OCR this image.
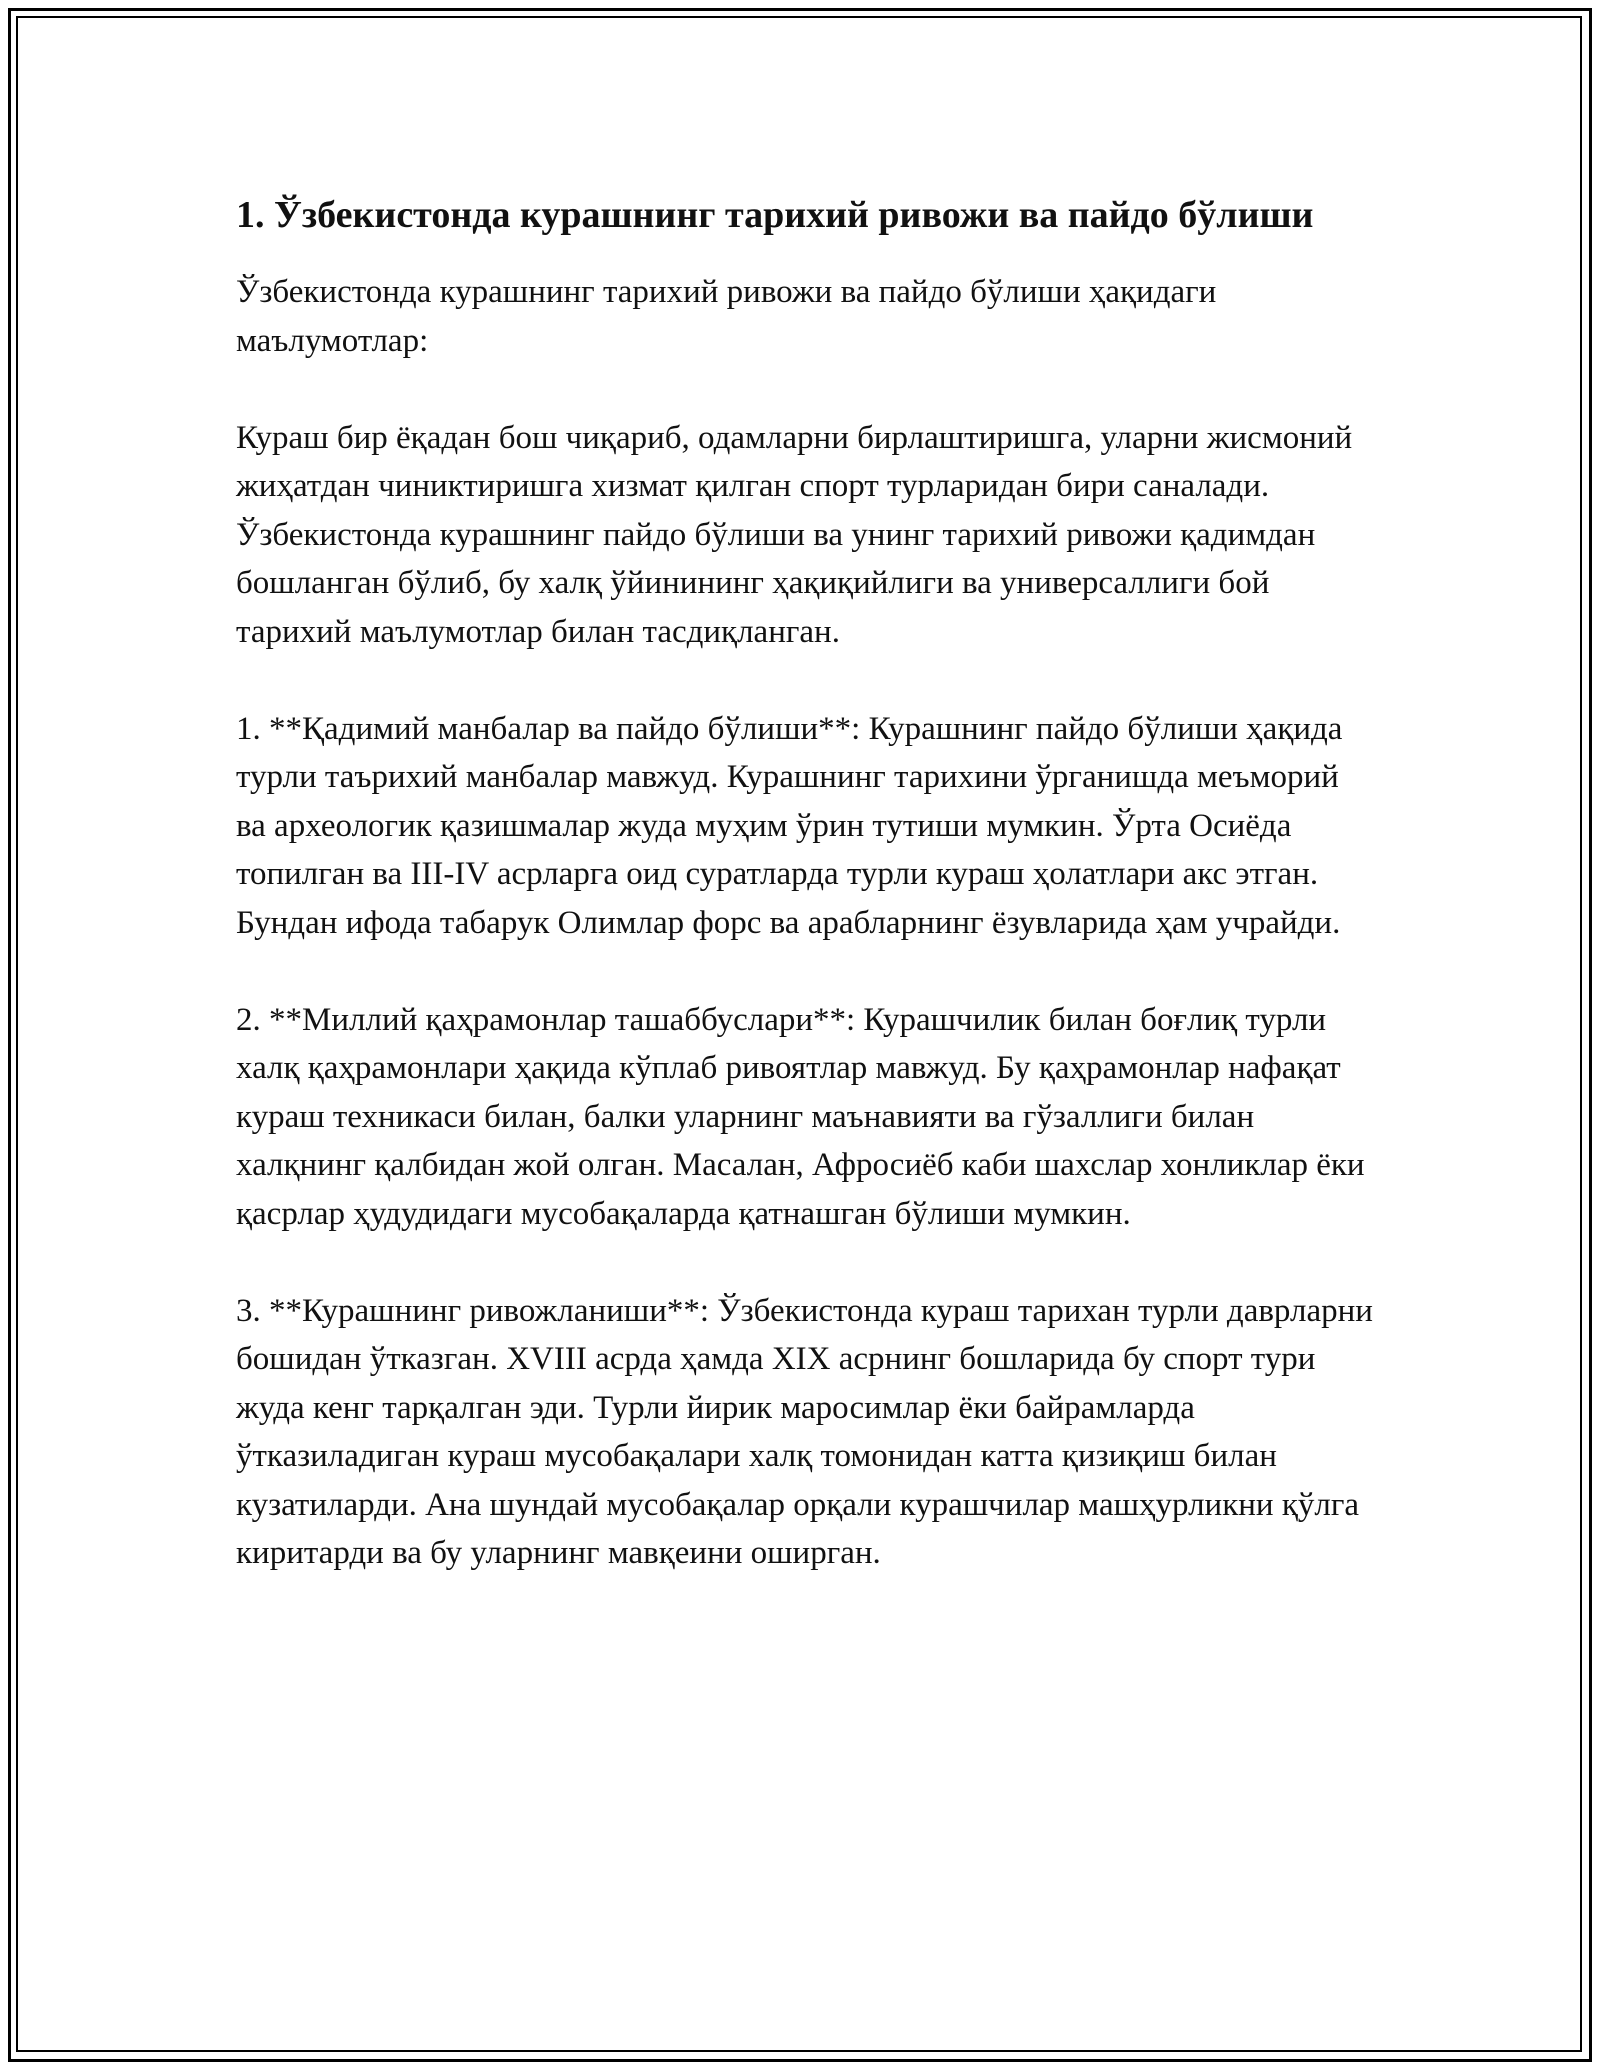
1. Ўзбекистонда курашнинг тарихий ривожи ва пайдо бўлиши

Ўзбекистонда курашнинг тарихий ривожи ва пайдо бўлиши ҳақидаги маълумотлар:

Кураш бир ёқадан бош чиқариб, одамларни бирлаштиришга, уларни жисмоний жиҳатдан чиниктиришга хизмат қилган спорт турларидан бири саналади. Ўзбекистонда курашнинг пайдо бўлиши ва унинг тарихий ривожи қадимдан бошланган бўлиб, бу халқ ўйинининг ҳақиқийлиги ва универсаллиги бой тарихий маълумотлар билан тасдиқланган.

1. **Қадимий манбалар ва пайдо бўлиши**: Курашнинг пайдо бўлиши ҳақида турли таърихий манбалар мавжуд. Курашнинг тарихини ўрганишда меъморий ва археологик қазишмалар жуда муҳим ўрин тутиши мумкин. Ўрта Осиёда топилган ва III-IV асрларга оид суратларда турли кураш ҳолатлари акс этган. Бундан ифода табарук Олимлар форс ва арабларнинг ёзувларида ҳам учрайди.

2. **Миллий қаҳрамонлар ташаббуслари**: Курашчилик билан боғлиқ турли халқ қаҳрамонлари ҳақида кўплаб ривоятлар мавжуд. Бу қаҳрамонлар нафақат кураш техникаси билан, балки уларнинг маънавияти ва гўзаллиги билан халқнинг қалбидан жой олган. Масалан, Афросиёб каби шахслар хонликлар ёки қасрлар ҳудудидаги мусобақаларда қатнашган бўлиши мумкин.

3. **Курашнинг ривожланиши**: Ўзбекистонда кураш тарихан турли даврларни бошидан ўтказган. XVIII асрда ҳамда XIX асрнинг бошларида бу спорт тури жуда кенг тарқалган эди. Турли йирик маросимлар ёки байрамларда ўтказиладиган кураш мусобақалари халқ томонидан катта қизиқиш билан кузатиларди. Ана шундай мусобақалар орқали курашчилар машҳурликни қўлга киритарди ва бу уларнинг мавқеини оширган.
